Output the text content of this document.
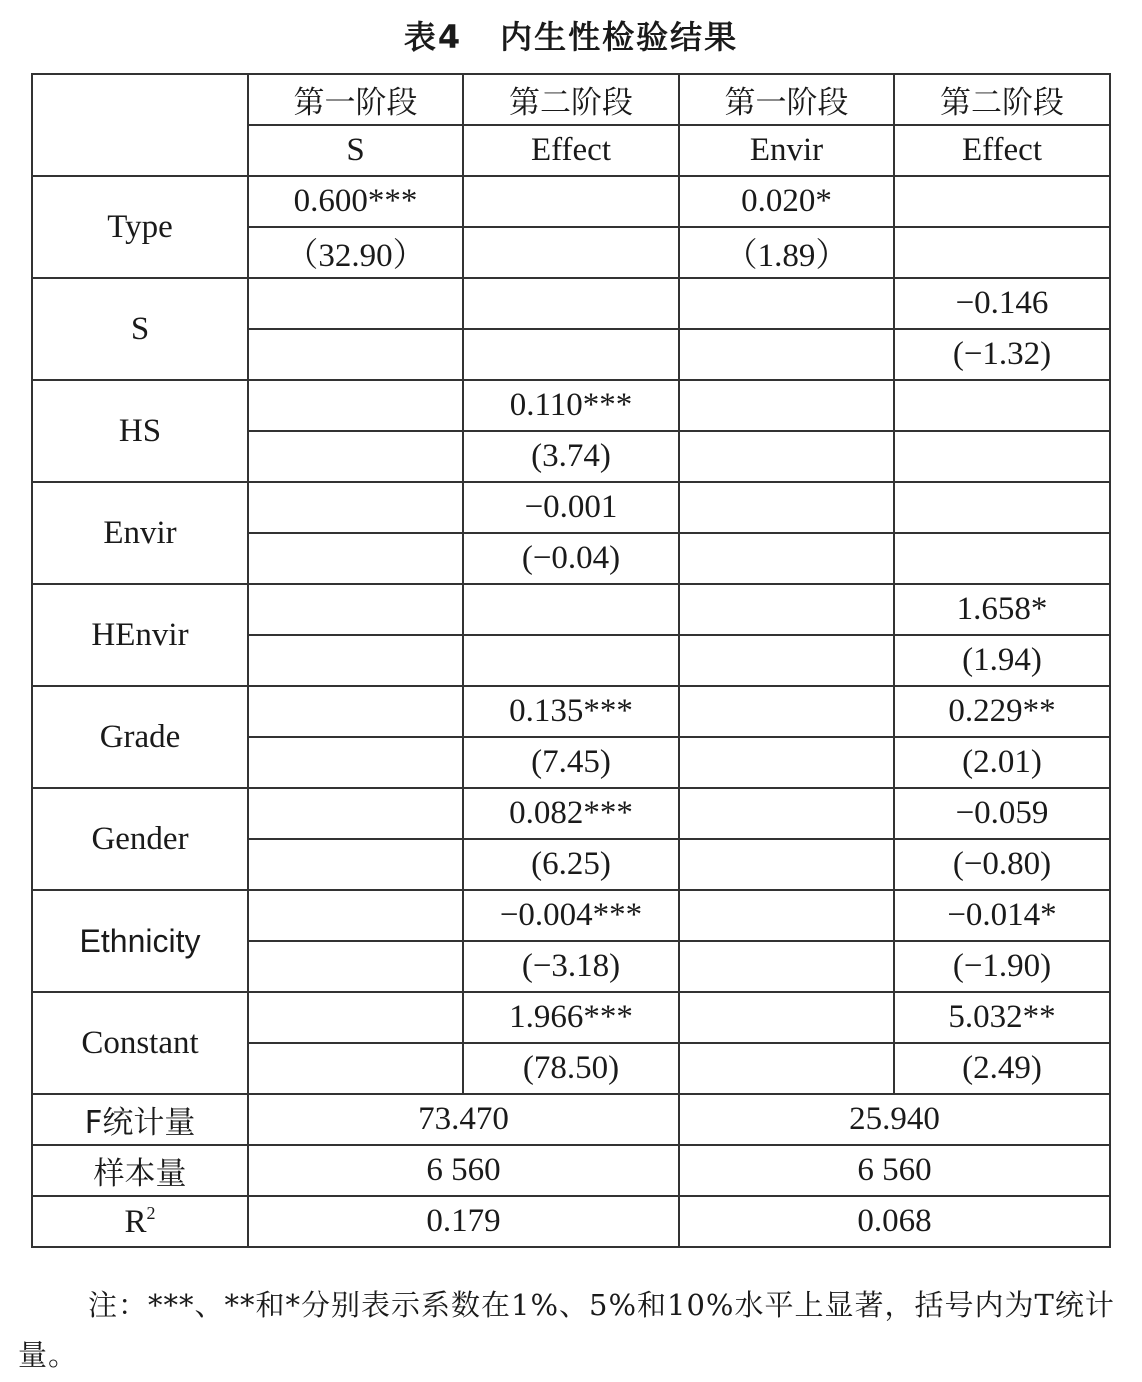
表4 内生性检验结果
	第一阶段	第二阶段	第一阶段	第二阶段
	S	Effect	Envir	Effect
Type	0.600***		0.020*	
	（32.90）		（1.89）	
S				−0.146
				(−1.32)
HS		0.110***		
		(3.74)		
Envir		−0.001		
		(−0.04)		
HEnvir				1.658*
				(1.94)
Grade		0.135***		0.229**
		(7.45)		(2.01)
Gender		0.082***		−0.059
		(6.25)		(−0.80)
Ethnicity		−0.004***		−0.014*
		(−3.18)		(−1.90)
Constant		1.966***		5.032**
		(78.50)		(2.49)
F统计量	73.470		25.940	
样本量	6 560		6 560	
$R^2$	0.179		0.068	
注：***、**和*分别表示系数在1%、5%和10%水平上显著，括号内为T统计量。
